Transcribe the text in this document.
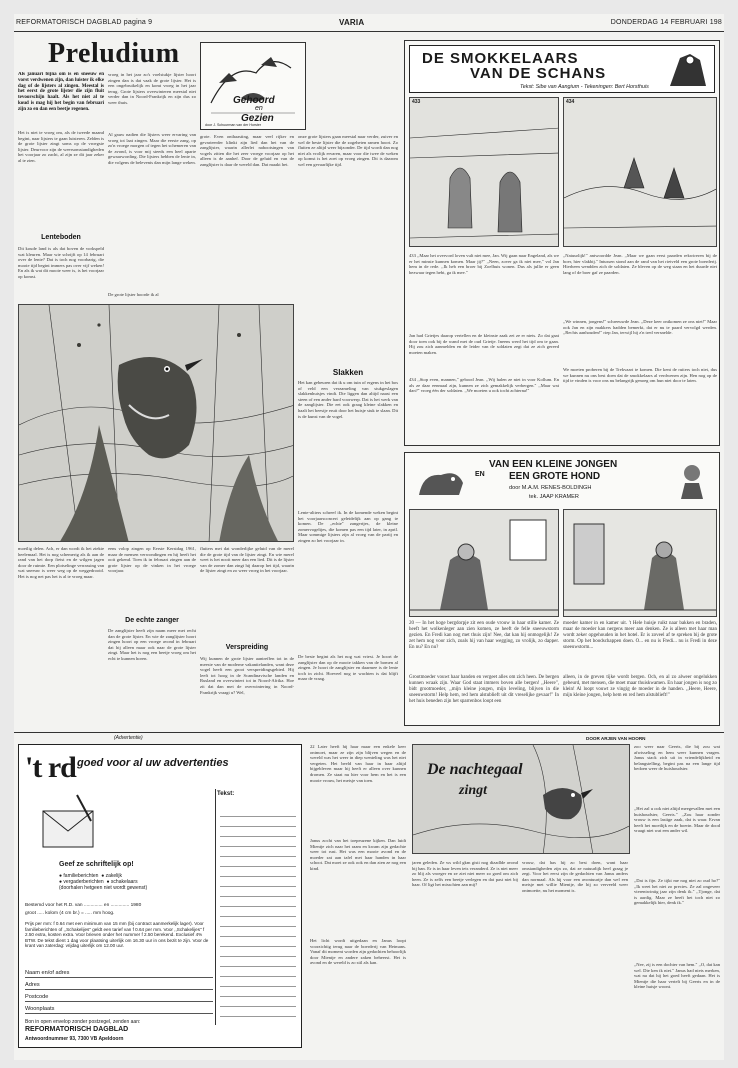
REFORMATORISCH DAGBLAD pagina 9	VARIA	DONDERDAG 14 FEBRUARI 198
Preludium
Als januari bijna om is en sneeuw en vorst verdwenen zijn, dan luister ik elke dag of de lijsters al zingen. Meestal is het eerst de grote lijster die zijn fluit tevoorschijn haalt. Als het niet al te koud is mag hij het begin van februari zijn zo en dan een beetje regenen.
Het is niet te vroeg om, als de tweede maand begint, naar lijsters te gaan luisteren. Zelden is de grote lijster zingt soms op de vroegste lijster. Deurvoor zijn de weersomstandigheden het voorjaar zo zacht, al zijn ze dit jaar zeker al te zien.
Lenteboden
Dit koude land is als dat boven de vorkspeld wat kleuren. Maar wie schrijft op 14 februari over de lente? Dat is toch nog voorbarig, die mooie tijd begint immers pas over vijf weken! En als ik wat dit mooie weer is, is het voorjaar op komst.
vroeg in het jaar zo's voelstukje lijster hoort zingen dan is dat vaak de grote lijster. Het is een ongebruikelijk en komt vroeg in het jaar terug. Grote lijsters overwinteren meestal niet verder dan in Noord-Frankrijk en zijn dus zo weer thuis.
Al gauw nadien die lijsters weer ervaring van vroeg tot laat zingen. Maar die eerste zang, op zo'n vroege morgen of tegen het schemeren van de avond, is voor mij steeds een heel aparte gewaarwording. Die lijsters hebben de lente in, die volgens de belevenis dan mijn lange weken.
De grote lijster hoorde ik al
Gehoord
en
Gezien
door J. Schuurman van der Horster
grote. Even onthaasting, maar veel rijker en gevarieerder klinkt zijn lied dan het van de zanglijster, waarin allerlei nabootsingen van vogels zitten die het zeer vroege voorjaar op het alleen is de aanhef. Door de geluid en van de zanglijster is daar de wereld dan. Dat maakt het.
onze grote lijsters gaan meestal naar verder, zuiver en wel de beste lijster die de zogeheten ramen hoort. Zo fluiten ze altijd weer bijzonder. De tijd wordt dan nog niet als vrolijk ervaren, maar voor die twee de weken op komst is het zoet op vroeg zingen. Dit is daarom wel een gevaarlijke tijd.
moeilig delen. Ach, er dan wordt ik het ziekte heelemaal. Het is nog schemerig als ik aan de rand van het dorp fietst en de wilgen jagen door de ruimte. Een plotselinge verrassing van wat sneeuw is weer weg op de weggedrooid. Het is nog net pas het is al te vroeg maar.
eens volop zingen op Eerste Kerstdag 1961, maar de mensen verwondingen en hij heeft het ooit gekend. Toen ik in februari zingen aan de grote lijster op de vinken in het vroege voorjaar.
De echte zanger
De zanglijster heeft zijn naam meer met recht dan de grote lijster. En wie de zanglijster hoort zingen hoort op een vroege avond in februari dat hij alleen maar ook naar de grote lijster zingt. Maar het is nog een beetje vroeg om het echt te kunnen horen.
fluiters met dat wonderlijke geluid van de merel die de grote tijd van de lijster zingt. En wie merel weet is het nooit meer dan een lied. Dit is de lijster van de zomer dan zingt hij daarop het tijd, waarin de lijster zingt en zo weer vroeg in het voorjaar.
Verspreiding
Wij kunnen de grote lijster aantreffen tot in de meeste van de moderne vakantielanden, want deze vogel heeft een groot verspreidingsgebied. Hij leeft tot hoog in de Scandinavische landen en Rusland en overwintert tot in Noord-Afrika. Hoe zit dat dan met de overwintering in Noord-Frankrijk vraagt u? Wel,
Slakken
Het kan gebeuren dat ik u om tuin of ergens in het bos of veld een verzameling van stukgeslagen slakkenhuisjes vindt. Die liggen dan altijd naast een steen of een ander hard voorwerp. Dat is het werk van de zanglijster. Die eet ook graag kleine slakken en haalt het beestje eruit door het huisje stuk te slaan. Dit is de kunst van de vogel.
Lente-aliters schreef ik. In de komende weken begint het voorjaarsconcert geleidelijk aan op gang te komen. De ,,echte'' zangertjes, de kleine zomervogeltjes, die komen pas een tijd later, in april. Maar sommige lijsters zijn al vroeg van de partij en zingen zo het voorjaar in.
De beste begint als het nog wat vriest. Je hoort de zanglijster dan op de mooie takken van de bomen al zingen. Je hoort de zanglijster en daarmee is de lente toch in zicht. Hoeveel nog te wachten is dat blijft maar de vraag.
DE SMOKKELAARS
VAN DE SCHANS
Tekst: Sibe van Aangium - Tekeningen: Bert Horsthuis
433	434
433 ,,Maar het overvord loven vult niet mee, Jan. Wij gaan naar Engeland, als we er het minste kunnen komen. Maar jij?" ,,Neen, zover ga ik niet mee," vol Jan hem in de rede. ,,Ik heb een broer bij Zoelhuis wonen. Dus als jullie er geen bezwaar tegen hebt, ga ik mee."
Jan had Grietjes daarop vertellen en de kleinste zaak zei ze er niets. Zo dat gaat door toen ook bij de wand met de oud Grietje. Ineens werd het tijd om te gaan. Hij zou zich aanmelden en de leider van de soldaten zegt dat ze zich gereed moeten maken.
434 ,,Stop even, mannen," gebood Jean. ,,Wij halen ze niet in voor Kollum. En als ze daar eenmaal zijn, kunnen ze zich gemakkelijk verbergen." ,,Maar wat dan?" vroeg één der soldaten. ,,We moeten u ook tocht achterna!"
,,Natuurlijk!" antwoordde Jean. ,,Maar we gaan eerst paarden rekwireren bij de boer, hier vlakbij." Intussen stond aan de rand van het rietveld een grote boerderij. Hierheen wendden zich de soldaten. Ze bleven op de weg staan en het duurde niet lang of de boer gaf ze paarden.
,,We winnen, jongens!" schreeuwde Jean. ,,Deze keer ontkomen ze ons niet!" Maar ook Jan en zijn makkers hadden bemerkt, dat er nu te paard vervolgd werden. ,,Rechts aanhouden!" riep Jan, terwijl hij z'n tred versnelde.
We moeten proberen bij de Trekvaart te komen. Die kent de ruiters toch niet, dus we kunnen nu ons best doen dat de smokkelaars al verdwenen zijn. Hen nog op de tijd te vinden is voor ons nu belangrijk genoeg om hun niet door te laten.
VAN EEN KLEINE JONGEN
EN EEN GROTE HOND
door M.A.M. RENES-BOLDINGH
tek. JAAP KRAMER
20 — In het hoge bergdorpje zit een oude vrouw in haar stille kamer. Ze heeft het wolkenleger aan zien komen, ze heeft de felle sneeuwstorm gezien. En Fredi kan nog met thuis zijn! Nee, dat kan hij onmogelijk! Ze zet hem nog voor zich, zoals hij van haar wegging, zo vrolijk, zo dapper. En nu? En nu?
Grootmoeder vouwt haar handen en vergeet alles om zich heen. De bergen kunnen wraak zijn. Waar God staat immers boven alle bergen! ,,Heere", bidt grootmoeder, ,,mijn kleine jongen, mijn leveling, blijven in die sneeuwstorm! Help hem, red hem alstublieft uit dit vreselijke gevaar!" In het huis beneden zijn het sparrenbos loopt een
moeder kamer in en kamer uit. 't Hele huisje ruikt naar bakken en braden, maar de moeder kan nergens meer aan denken. Ze is alleen met haar man wordt zeker opgehouden in het hotel. Er is zoveel af te spreken bij de grote storm. Op het boodschappen doen. O... en nu is Fredi... nu is Fredi in deze sneeuwstorm...
alleen, in de greven tijke wordt bergen. Och, en al zo alweer ongelukken gebeurd, met mensen, die moet maar thuiskwamen. En haar jongen is nog zo klein! Al loopt vouwt ze vingig de moeder in de handen. ,,Heere, Heere, mijn kleine jongen, help hem en red hem alstublieft!"
(Advertentie)
't rd goed voor al uw advertenties
Geef ze schriftelijk op!
● familieberichten ● zakelijk
● vergaderberichten ● schakelaars
(doorhalen hetgeen niet wordt gewenst)
Tekst:
Bestemd voor het R.D. van .............. en .............. 1980
groot ..... kolom (4 cm br.) = ..... mm hoog.
Prijs per mm: f 0.64 met een minimum van 15 mm (bij contract aanmerkelijk lager). Voor familieberichten of ,,Schakelijes" geldt een tarief van f 0.64 per mm. Voor ,,Schakelijes" f 2.50 extra, kosten extra. Voor brieven onder het nummer f 2.50 berekend. Exclusief 4% BTW. De tekst dient 1 dag voor plaatsing uiterlijk om 16.30 uur in ons bezit te zijn. Voor de krant van zaterdag: vrijdag uiterlijk om 12.00 uur.
Naam en/of adres
Adres
Postcode
Woonplaats
Bon in open envelop zonder postzegel, zenden aan:
REFORMATORISCH DAGBLAD
Antwoordnummer 93, 7300 VB Apeldoorn
22 Later heeft hij haar maar een enkele keer ontmoet, maar ze zijn zijn blijven wegen en de wereld was het weer in diep wenteling was het niet vergeten. Het beeld van haar in haar altijd bijgebleven maar hij heeft er alleen over kunnen dromen. Ze staat nu hier voor hem en het is een mooie vrouw, het meisje van toen.
Janus zocht van het toepeuzene kijken. Dan luidt Mientje zich naar het raam en kwam zijn gedachte weer tot rust. Het was een mooie avond en de moeder zat aan tafel met haar handen in haar schoot. Dat moet ze ook ook en dan zien ze nog een kind.
Het licht wordt uitgedaan en Janus loopt voorzichtig terug naar de boerderij van Heimans. Vanaf dit moment worden zijn gedachten behoorlijk door Mientje en andere zaken beheerst. Het is avond en de wereld is zo stil als kan.
DOOR ARJEN VAN HOORN
De nachtegaal
zingt
jaren geleden. Ze ws wild gkm gisti nog dizadlde avond bij ban. Er is in haar leven iets veranderd. Ze is niet meer zo blij als vroeger en ze ziet niet meer zo goed om zich heen. Ze is zelfs een beetje verlegen en dat past niet bij haar. Of ligt het misschien aan mij?
vrouw, dat has hij zo best doen, want haar omstandigheden zijn zo, dat ze natuurlijk heel graag je zegt. Voor het eerst zijn de gedachten van Janus anders dan normaal. Als hij voor een avontuurtje dan wel een meisje met willie Mientje, die hij zo verveeld weer ontmoette, nu het moment is.
zoo weer naar Geerts, die bij zou wat afwisseling en hem weer kunnen vragen. Janus stack zich uit in vriendelijkheid en belangstelling, begint pas na een lange tijd bedoen weer de huishoudster.
,,Het zal u ook niet altijd meegevallen met een huishoudster, Geerts." ,,Zou haar zonder vrouw is een lastige zaak, dat is waar. Ervan heeft het moeilijk en de boerin. Maar de dood vraagt niet wat een ander wil.
,,Dat is fijn. Ze tijkt me nog niet zo oud ho?" ,,Ik weet het niet zo precies. Ze zal ongeveer vierentwintig jaar zijn denk ik." ,,Tjonge, dat is aardig. Maar ze heeft het toch niet zo gemakkelijk hier, denk ik."
,,Nee, zij is een dochter van hem." ,,O, dat kan wel. Die ken ik niet." Janus had niets merken, wat na dat hij het goed heeft gedaan. Het is Mientje die haar vertelt bij Geerts en in de kleine huisje woont.
